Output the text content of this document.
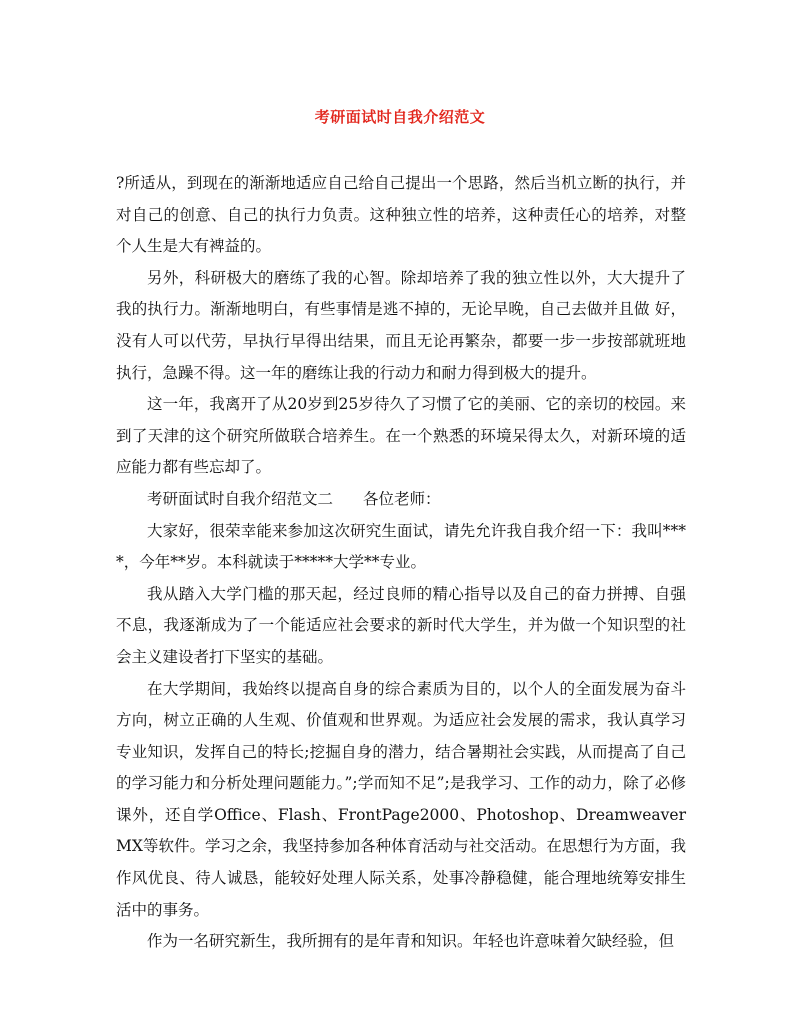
考研面试时自我介绍范文

?所适从，到现在的渐渐地适应自己给自己提出一个思路，然后当机立断的执行，并对自己的创意、自己的执行力负责。这种独立性的培养，这种责任心的培养，对整个人生是大有裨益的。

另外，科研极大的磨练了我的心智。除却培养了我的独立性以外，大大提升了我的执行力。渐渐地明白，有些事情是逃不掉的，无论早晚，自己去做并且做 好，没有人可以代劳，早执行早得出结果，而且无论再繁杂，都要一步一步按部就班地执行，急躁不得。这一年的磨练让我的行动力和耐力得到极大的提升。

这一年，我离开了从20岁到25岁待久了习惯了它的美丽、它的亲切的校园。来到了天津的这个研究所做联合培养生。在一个熟悉的环境呆得太久，对新环境的适应能力都有些忘却了。

考研面试时自我介绍范文二 各位老师：

大家好，很荣幸能来参加这次研究生面试，请先允许我自我介绍一下：我叫****，今年**岁。本科就读于*****大学**专业。

我从踏入大学门槛的那天起，经过良师的精心指导以及自己的奋力拼搏、自强不息，我逐渐成为了一个能适应社会要求的新时代大学生，并为做一个知识型的社会主义建设者打下坚实的基础。

在大学期间，我始终以提高自身的综合素质为目的，以个人的全面发展为奋斗方向，树立正确的人生观、价值观和世界观。为适应社会发展的需求，我认真学习专业知识，发挥自己的特长;挖掘自身的潜力，结合暑期社会实践，从而提高了自己的学习能力和分析处理问题能力。”;学而知不足”;是我学习、工作的动力，除了必修课外，还自学Office、Flash、FrontPage2000、Photoshop、DreamweaverMX等软件。学习之余，我坚持参加各种体育活动与社交活动。在思想行为方面，我作风优良、待人诚恳，能较好处理人际关系，处事冷静稳健，能合理地统筹安排生活中的事务。

作为一名研究新生，我所拥有的是年青和知识。年轻也许意味着欠缺经验，但
